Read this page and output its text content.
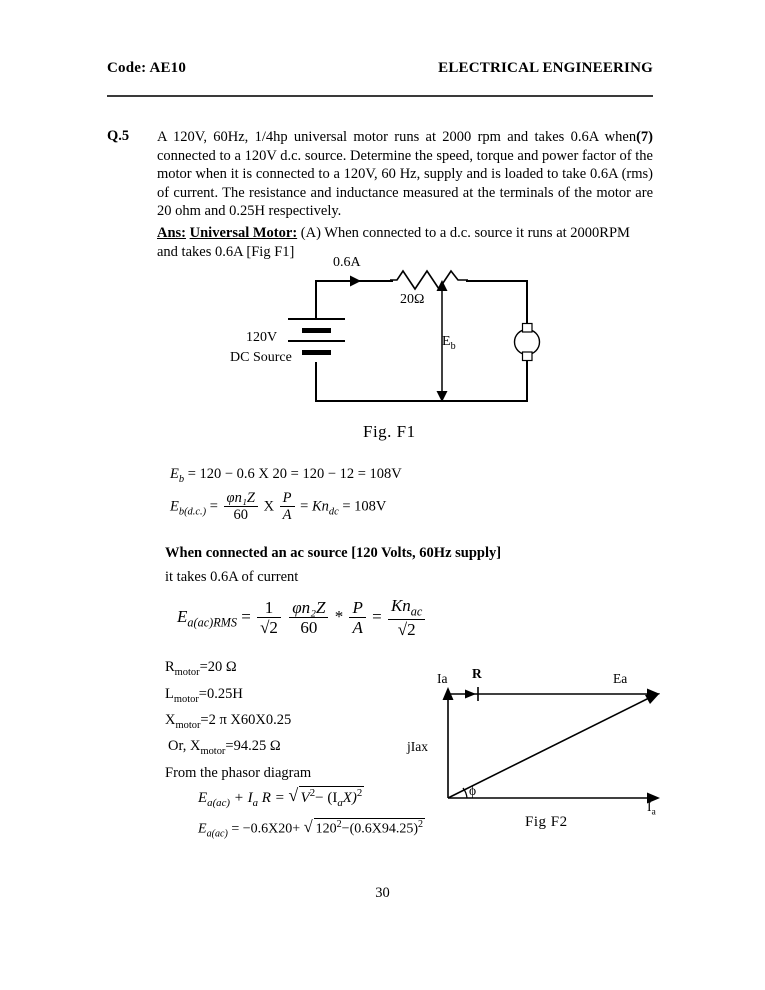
Code: AE10	ELECTRICAL ENGINEERING
Q.5	(7)
A 120V, 60Hz, 1/4hp universal motor runs at 2000 rpm and takes 0.6A when connected to a 120V d.c. source. Determine the speed, torque and power factor of the motor when it is connected to a 120V, 60 Hz, supply and is loaded to take 0.6A (rms) of current. The resistance and inductance measured at the terminals of the motor are 20 ohm and 0.25H respectively.
Ans: Universal Motor: (A) When connected to a d.c. source it runs at 2000RPM and takes 0.6A [Fig F1]
0.6A
20Ω
120V
DC Source
$E_b$
Fig. F1
$E_b = 120 - 0.6$ X 20 = 120 − 12 = 108V
$E_{b(d.c.)} = \frac{\text{φn₁Z}}{60}$ X $\frac{P}{A} = Kn_{dc} = 108V$
When connected an ac source [120 Volts, 60Hz supply]
it takes 0.6A of current
$E_{a(ac)RMS} = \frac{1}{√2}$
$\frac{\text{φn₂Z}}{60} * \frac{P}{A} = \frac{Kn_{ac}}{√2}$
$R_{motor}=20$ Ω
$L_{motor}=0.25H$
$X_{motor}=2$ π X60X0.25
Or, $X_{motor}=94.25$ Ω
From the phasor diagram
Ia R	Ea
jIax
ϕ
$I_a$
Fig F2
$E_{a(ac)} + I_a$ R = √ $V^2- (I_aX)^2$
$E_{a(ac)} = -0.6X20+$ √ $120^2-(0.6X94.25)^2$
30
